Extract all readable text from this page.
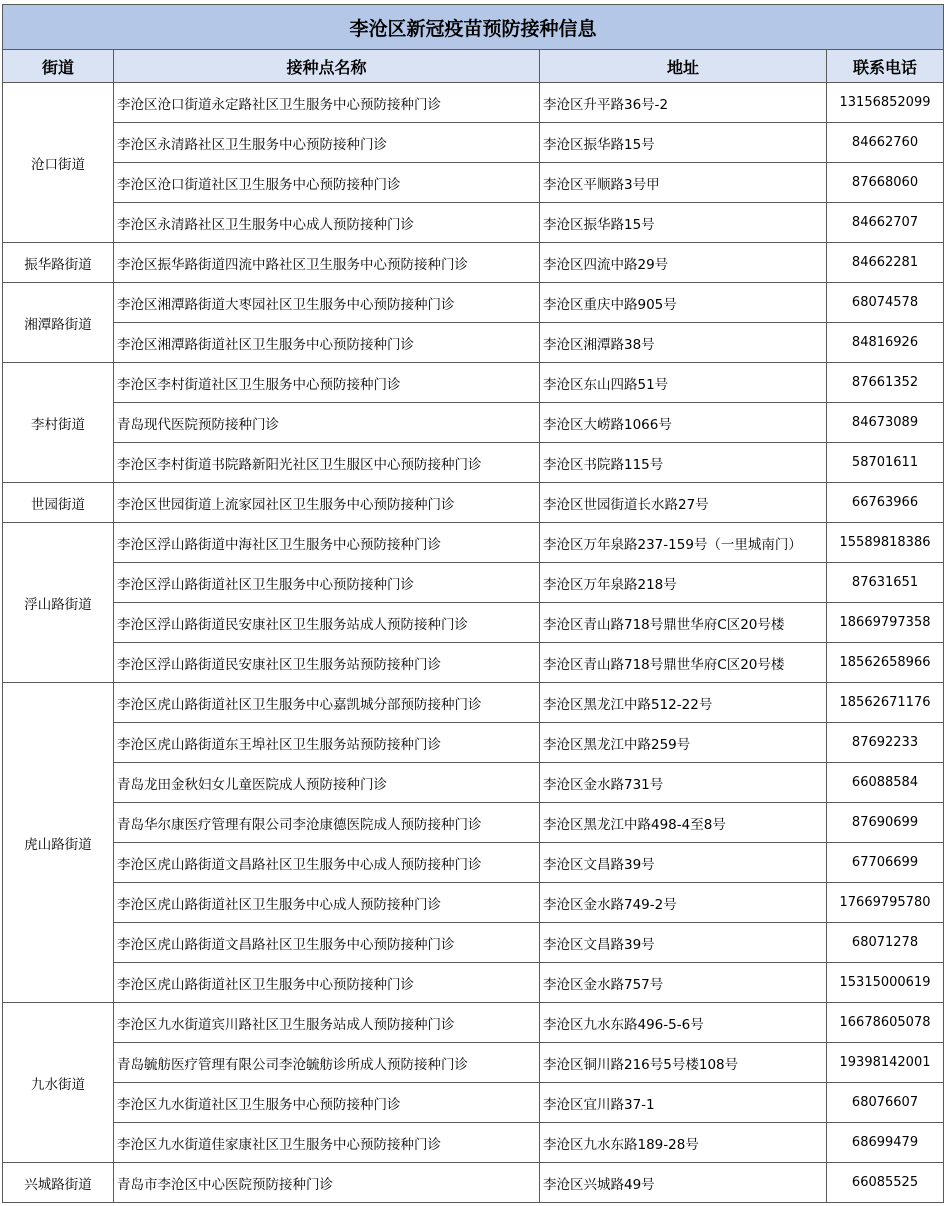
李沧区新冠疫苗预防接种信息			
街道	接种点名称	地址	联系电话
沧口街道	李沧区沧口街道永定路社区卫生服务中心预防接种门诊	李沧区升平路36号-2	13156852099
	李沧区永清路社区卫生服务中心预防接种门诊	李沧区振华路15号	84662760
	李沧区沧口街道社区卫生服务中心预防接种门诊	李沧区平顺路3号甲	87668060
	李沧区永清路社区卫生服务中心成人预防接种门诊	李沧区振华路15号	84662707
振华路街道	李沧区振华路街道四流中路社区卫生服务中心预防接种门诊	李沧区四流中路29号	84662281
湘潭路街道	李沧区湘潭路街道大枣园社区卫生服务中心预防接种门诊	李沧区重庆中路905号	68074578
	李沧区湘潭路街道社区卫生服务中心预防接种门诊	李沧区湘潭路38号	84816926
李村街道	李沧区李村街道社区卫生服务中心预防接种门诊	李沧区东山四路51号	87661352
	青岛现代医院预防接种门诊	李沧区大崂路1066号	84673089
	李沧区李村街道书院路新阳光社区卫生服区中心预防接种门诊	李沧区书院路115号	58701611
世园街道	李沧区世园街道上流家园社区卫生服务中心预防接种门诊	李沧区世园街道长水路27号	66763966
浮山路街道	李沧区浮山路街道中海社区卫生服务中心预防接种门诊	李沧区万年泉路237-159号（一里城南门）	15589818386
	李沧区浮山路街道社区卫生服务中心预防接种门诊	李沧区万年泉路218号	87631651
	李沧区浮山路街道民安康社区卫生服务站成人预防接种门诊	李沧区青山路718号鼎世华府C区20号楼	18669797358
	李沧区浮山路街道民安康社区卫生服务站预防接种门诊	李沧区青山路718号鼎世华府C区20号楼	18562658966
虎山路街道	李沧区虎山路街道社区卫生服务中心嘉凯城分部预防接种门诊	李沧区黑龙江中路512-22号	18562671176
	李沧区虎山路街道东王埠社区卫生服务站预防接种门诊	李沧区黑龙江中路259号	87692233
	青岛龙田金秋妇女儿童医院成人预防接种门诊	李沧区金水路731号	66088584
	青岛华尔康医疗管理有限公司李沧康德医院成人预防接种门诊	李沧区黑龙江中路498-4至8号	87690699
	李沧区虎山路街道文昌路社区卫生服务中心成人预防接种门诊	李沧区文昌路39号	67706699
	李沧区虎山路街道社区卫生服务中心成人预防接种门诊	李沧区金水路749-2号	17669795780
	李沧区虎山路街道文昌路社区卫生服务中心预防接种门诊	李沧区文昌路39号	68071278
	李沧区虎山路街道社区卫生服务中心预防接种门诊	李沧区金水路757号	15315000619
九水街道	李沧区九水街道宾川路社区卫生服务站成人预防接种门诊	李沧区九水东路496-5-6号	16678605078
	青岛毓舫医疗管理有限公司李沧毓舫诊所成人预防接种门诊	李沧区铜川路216号5号楼108号	19398142001
	李沧区九水街道社区卫生服务中心预防接种门诊	李沧区宜川路37-1	68076607
	李沧区九水街道佳家康社区卫生服务中心预防接种门诊	李沧区九水东路189-28号	68699479
兴城路街道	青岛市李沧区中心医院预防接种门诊	李沧区兴城路49号	66085525
